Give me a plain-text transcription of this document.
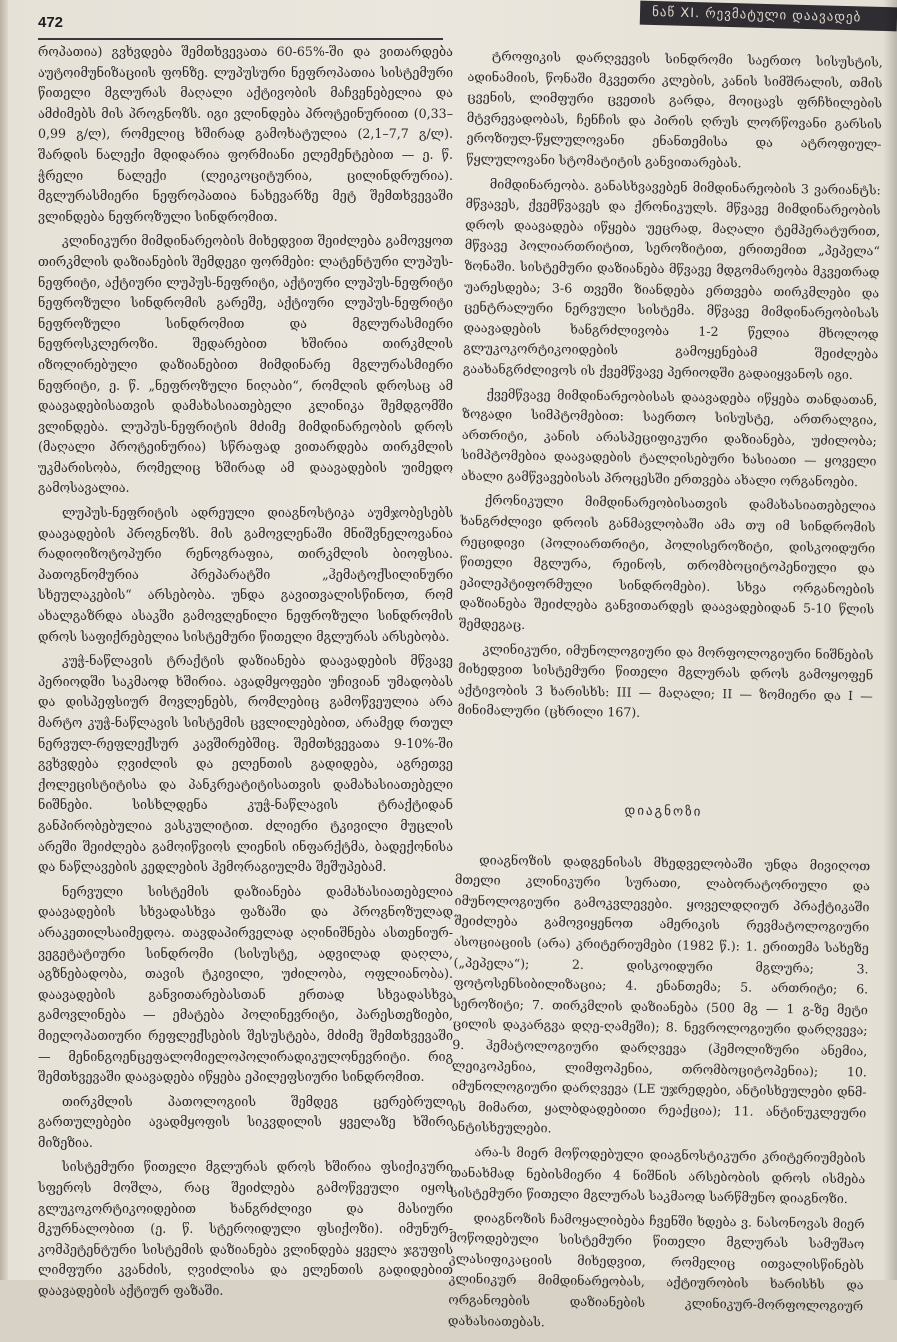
472	ნაწ XI. რევმატული დაავადებ

როპათია) გვხვდება შემთხვევათა 60-65%-ში და ვითარდება აუტოიმუნიზაციის ფონზე. ლუპუსური ნეფროპათია სისტემური წითელი მგლურას მაღალი აქტივობის მაჩვენებელია და ამძიმებს მის პროგნოზს. იგი ვლინდება პროტეინურიით (0,33–0,99 გ/ლ), რომელიც ხშირად გამოხატულია (2,1–7,7 გ/ლ). შარდის ნალექი მდიდარია ფორმიანი ელემენტებით — ე. წ. ჭრელი ნალექი (ლეიკოციტურია, ცილინდრურია). მგლურასმიერი ნეფროპათია ნახევარზე მეტ შემთხვევაში ვლინდება ნეფროზული სინდრომით.

კლინიკური მიმდინარეობის მიხედვით შეიძლება გამოვყოთ თირკმლის დაზიანების შემდეგი ფორმები: ლატენტური ლუპუს-ნეფრიტი, აქტიური ლუპუს-ნეფრიტი, აქტიური ლუპუს-ნეფრიტი ნეფროზული სინდრომის გარეშე, აქტიური ლუპუს-ნეფრიტი ნეფროზული სინდრომით და მგლურასმიერი ნეფროსკლეროზი. შედარებით ხშირია თირკმლის იზოლირებული დაზიანებით მიმდინარე მგლურასმიერი ნეფრიტი, ე. წ. „ნეფროზული ნიღაბი“, რომლის დროსაც ამ დაავადებისათვის დამახასიათებელი კლინიკა შემდგომში ვლინდება. ლუპუს-ნეფრიტის მძიმე მიმდინარეობის დროს (მაღალი პროტეინურია) სწრაფად ვითარდება თირკმლის უკმარისობა, რომელიც ხშირად ამ დაავადების უიმედო გამოსავალია.

ლუპუს-ნეფრიტის ადრეული დიაგნოსტიკა აუმჯობესებს დაავადების პროგნოზს. მის გამოვლენაში მნიშვნელოვანია რადიოიზოტოპური რენოგრაფია, თირკმლის ბიოფსია. პათოგნომურია პრეპარატში „ჰემატოქსილინური სხეულაკების“ არსებობა. უნდა გავითვალისწინოთ, რომ ახალგაზრდა ასაკში გამოვლენილი ნეფროზული სინდრომის დროს საფიქრებელია სისტემური წითელი მგლურას არსებობა.

კუჭ-ნაწლავის ტრაქტის დაზიანება დაავადების მწვავე პერიოდში საკმაოდ ხშირია. ავადმყოფები უჩივიან უმადობას და დისპეფსიურ მოვლენებს, რომლებიც გამოწვეულია არა მარტო კუჭ-ნაწლავის სისტემის ცვლილებებით, არამედ რთულ ნერვულ-რეფლექსურ კავშირებშიც. შემთხვევათა 9-10%-ში გვხვდება ღვიძლის და ელენთის გადიდება, აგრეთვე ქოლეცისტიტისა და პანკრეატიტისათვის დამახასიათებელი ნიშნები. სისხლდენა კუჭ-ნაწლავის ტრაქტიდან განპირობებულია ვასკულიტით. ძლიერი ტკივილი მუცლის არეში შეიძლება გამოიწვიოს ლიენის ინფარქტმა, ბადექონისა და ნაწლავების კედლების ჰემორაგიულმა შეშუპებამ.

ნერვული სისტემის დაზიანება დამახასიათებელია დაავადების სხვადასხვა ფაზაში და პროგნოზულად არაკეთილსაიმედოა. თავდაპირველად აღინიშნება ასთენიურ-ვეგეტატიური სინდრომი (სისუსტე, ადვილად დაღლა, აგზნებადობა, თავის ტკივილი, უძილობა, ოფლიანობა). დაავადების განვითარებასთან ერთად სხვადასხვა გამოვლინება — ემატება პოლინევრიტი, პარესთეზიები, მიელოპათიური რეფლექსების შესუსტება, მძიმე შემთხვევაში — მენინგოენცეფალომიელოპოლირადიკულონევრიტი. რიგ შემთხვევაში დაავადება იწყება ეპილეფსიური სინდრომით.

თირკმლის პათოლოგიის შემდეგ ცერებრული გართულებები ავადმყოფის სიკვდილის ყველაზე ხშირი მიზეზია.

სისტემური წითელი მგლურას დროს ხშირია ფსიქიკური სფეროს მოშლა, რაც შეიძლება გამოწვეული იყოს გლუკოკორტიკოიდებით ხანგრძლივი და მასიური მკურნალობით (ე. წ. სტეროიდული ფსიქოზი). იმუნურ-კომპეტენტური სისტემის დაზიანება ვლინდება ყველა ჯგუფის ლიმფური კვანძის, ღვიძლისა და ელენთის გადიდებით დაავადების აქტიურ ფაზაში.

ტროფიკის დარღვევის სინდრომი საერთო სისუსტის, ადინამიის, წონაში მკვეთრი კლების, კანის სიმშრალის, თმის ცვენის, ლიმფური ცვეთის გარდა, მოიცავს ფრჩხილების მტვრევადობას, ჩენჩის და პირის ღრუს ლორწოვანი გარსის ეროზიულ-წყლულოვანი ენანთემისა და ატროფიულ-წყლულოვანი სტომატიტის განვითარებას.

მიმდინარეობა. განასხვავებენ მიმდინარეობის 3 ვარიანტს: მწვავეს, ქვემწვავეს და ქრონიკულს. მწვავე მიმდინარეობის დროს დაავადება იწყება უეცრად, მაღალი ტემპერატურით, მწვავე პოლიართრიტით, სეროზიტით, ერითემით „პეპელა“ ზონაში. სისტემური დაზიანება მწვავე მდგომარეობა მკვეთრად უარესდება; 3-6 თვეში ზიანდება ერთვება თირკმლები და ცენტრალური ნერვული სისტემა. მწვავე მიმდინარეობისას დაავადების ხანგრძლივობა 1-2 წელია მხოლოდ გლუკოკორტიკოიდების გამოყენებამ შეიძლება გაახანგრძლივოს ის ქვემწვავე პერიოდში გადაიყვანოს იგი.

ქვემწვავე მიმდინარეობისას დაავადება იწყება თანდათან, ზოგადი სიმპტომებით: საერთო სისუსტე, ართრალგია, ართრიტი, კანის არასპეციფიკური დაზიანება, უძილობა; სიმპტომებია დაავადების ტალღისებური ხასიათი — ყოველი ახალი გამწვავებისას პროცესში ერთვება ახალი ორგანოები.

ქრონიკული მიმდინარეობისათვის დამახასიათებელია ხანგრძლივი დროის განმავლობაში ამა თუ იმ სინდრომის რეციდივი (პოლიართრიტი, პოლისეროზიტი, დისკოიდური წითელი მგლურა, რეინოს, თრომბოციტოპენიული და ეპილეპტიფორმული სინდრომები). სხვა ორგანოების დაზიანება შეიძლება განვითარდეს დაავადებიდან 5-10 წლის შემდეგაც.

კლინიკური, იმუნოლოგიური და მორფოლოგიური ნიშნების მიხედვით სისტემური წითელი მგლურას დროს გამოყოფენ აქტივობის 3 ხარისხს: III — მაღალი; II — ზომიერი და I — მინიმალური (ცხრილი 167).

დიაგნოზი

დიაგნოზის დადგენისას მხედველობაში უნდა მივიღოთ მთელი კლინიკური სურათი, ლაბორატორიული და იმუნოლოგიური გამოკვლევები. ყოველდღიურ პრაქტიკაში შეიძლება გამოვიყენოთ ამერიკის რევმატოლოგიური ასოციაციის (არა) კრიტერიუმები (1982 წ.): 1. ერითემა სახეზე („პეპელა“); 2. დისკოიდური მგლურა; 3. ფოტოსენსიბილიზაცია; 4. ენანთემა; 5. ართრიტი; 6. სეროზიტი; 7. თირკმლის დაზიანება (500 მგ — 1 გ-ზე მეტი ცილის დაკარგვა დღე-ღამეში); 8. ნევროლოგიური დარღვევა; 9. ჰემატოლოგიური დარღვევა (ჰემოლიზური ანემია, ლეიკოპენია, ლიმფოპენია, თრომბოციტოპენია); 10. იმუნოლოგიური დარღვევა (LE უჯრედები, ანტისხეულები დნმ-ის მიმართ, ყალბდადებითი რეაქცია); 11. ანტინუკლეური ანტისხეულები.

არა-ს მიერ მოწოდებული დიაგნოსტიკური კრიტერიუმების თანახმად ნებისმიერი 4 ნიშნის არსებობის დროს ისმება სისტემური წითელი მგლურას საკმაოდ სარწმუნო დიაგნოზი.

დიაგნოზის ჩამოყალიბება ჩვენში ხდება ვ. ნასონოვას მიერ მოწოდებული სისტემური წითელი მგლურას სამუშაო კლასიფიკაციის მიხედვით, რომელიც ითვალისწინებს კლინიკურ მიმდინარეობას, აქტიურობის ხარისხს და ორგანოების დაზიანების კლინიკურ-მორფოლოგიურ დახასიათებას.
